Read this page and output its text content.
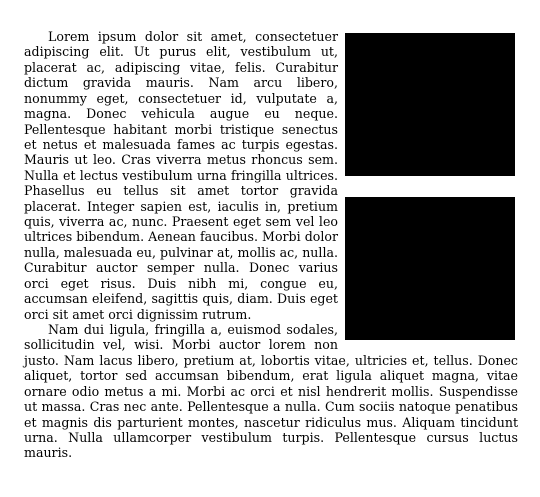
Lorem ipsum dolor sit amet, consectetuer adipiscing elit. Ut purus elit, vestibulum ut, placerat ac, adipiscing vitae, felis. Curabitur dictum gravida mauris. Nam arcu libero, nonummy eget, consectetuer id, vulputate a, magna. Donec vehicula augue eu neque. Pellentesque habitant morbi tristique senectus et netus et malesuada fames ac turpis egestas. Mauris ut leo. Cras viverra metus rhoncus sem. Nulla et lectus vestibulum urna fringilla ultrices. Phasellus eu tellus sit amet tortor gravida placerat. Integer sapien est, iaculis in, pretium quis, viverra ac, nunc. Praesent eget sem vel leo ultrices bibendum. Aenean faucibus. Morbi dolor nulla, malesuada eu, pulvinar at, mollis ac, nulla. Curabitur auctor semper nulla. Donec varius orci eget risus. Duis nibh mi, congue eu, accumsan eleifend, sagittis quis, diam. Duis eget orci sit amet orci dignissim rutrum.

Nam dui ligula, fringilla a, euismod sodales, sollicitudin vel, wisi. Morbi auctor lorem non justo. Nam lacus libero, pretium at, lobortis vitae, ultricies et, tellus. Donec aliquet, tortor sed accumsan bibendum, erat ligula aliquet magna, vitae ornare odio metus a mi. Morbi ac orci et nisl hendrerit mollis. Suspendisse ut massa. Cras nec ante. Pellentesque a nulla. Cum sociis natoque penatibus et magnis dis parturient montes, nascetur ridiculus mus. Aliquam tincidunt urna. Nulla ullamcorper vestibulum turpis. Pellentesque cursus luctus mauris.
